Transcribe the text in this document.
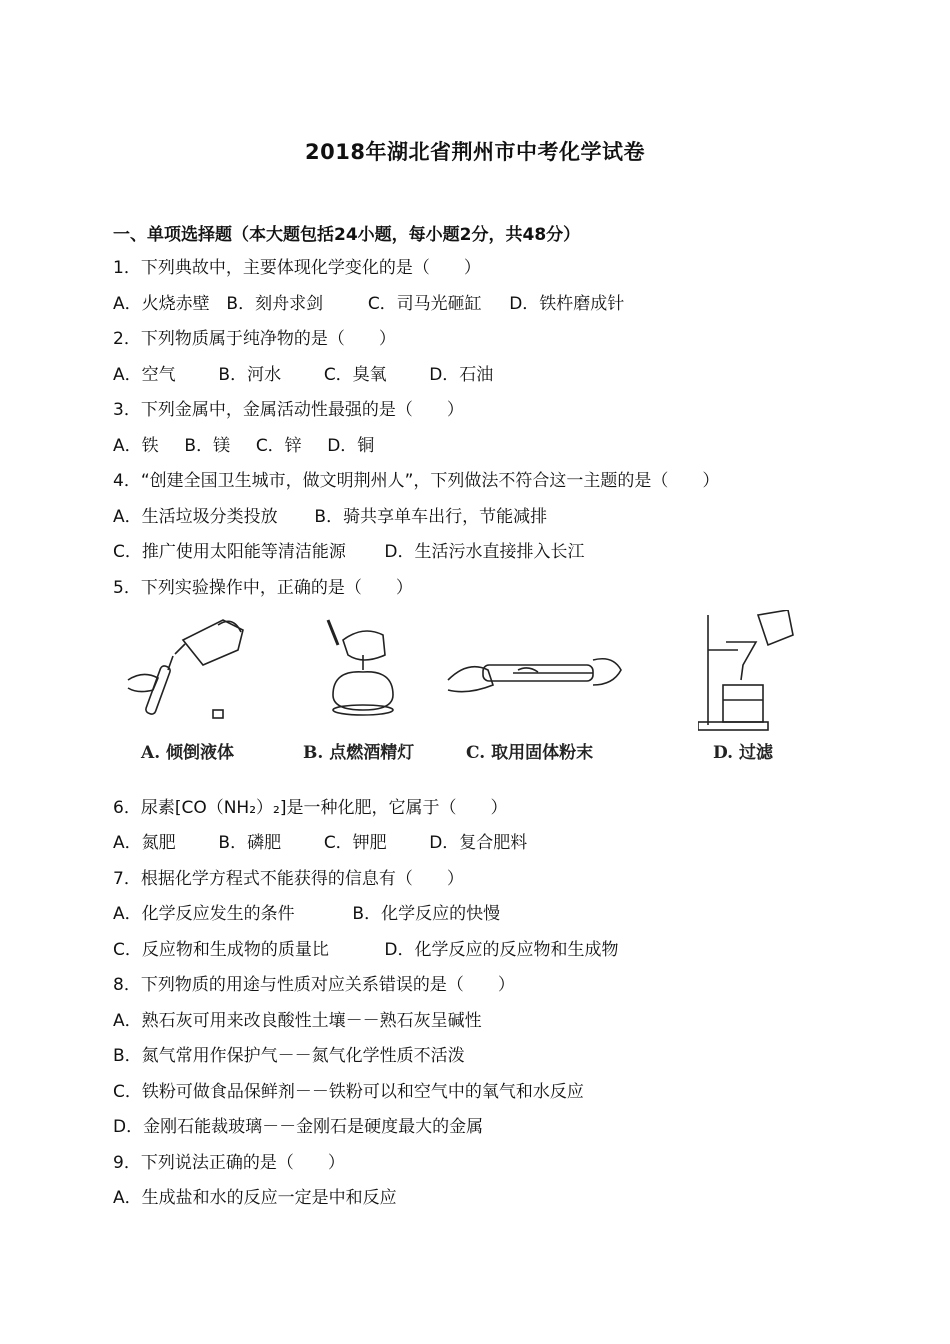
2018年湖北省荆州市中考化学试卷
一、单项选择题（本大题包括24小题，每小题2分，共48分）
1．下列典故中，主要体现化学变化的是（　　）
A．火烧赤壁 B．刻舟求剑	C．司马光砸缸 D．铁杵磨成针
2．下列物质属于纯净物的是（　　）
A．空气	B．河水	C．臭氧	D．石油
3．下列金属中，金属活动性最强的是（　　）
A．铁 B．镁 C．锌 D．铜
4．“创建全国卫生城市，做文明荆州人”，下列做法不符合这一主题的是（　　）
A．生活垃圾分类投放 B．骑共享单车出行，节能减排
C．推广使用太阳能等清洁能源 D．生活污水直接排入长江
5．下列实验操作中，正确的是（　　）
A. 倾倒液体	B. 点燃酒精灯	C. 取用固体粉末	D. 过滤
6．尿素[CO（NH₂）₂]是一种化肥，它属于（　　）
A．氮肥	B．磷肥	C．钾肥	D．复合肥料
7．根据化学方程式不能获得的信息有（　　）
A．化学反应发生的条件	B．化学反应的快慢
C．反应物和生成物的质量比	D．化学反应的反应物和生成物
8．下列物质的用途与性质对应关系错误的是（　　）
A．熟石灰可用来改良酸性土壤－－熟石灰呈碱性
B．氮气常用作保护气－－氮气化学性质不活泼
C．铁粉可做食品保鲜剂－－铁粉可以和空气中的氧气和水反应
D．金刚石能裁玻璃－－金刚石是硬度最大的金属
9．下列说法正确的是（　　）
A．生成盐和水的反应一定是中和反应
